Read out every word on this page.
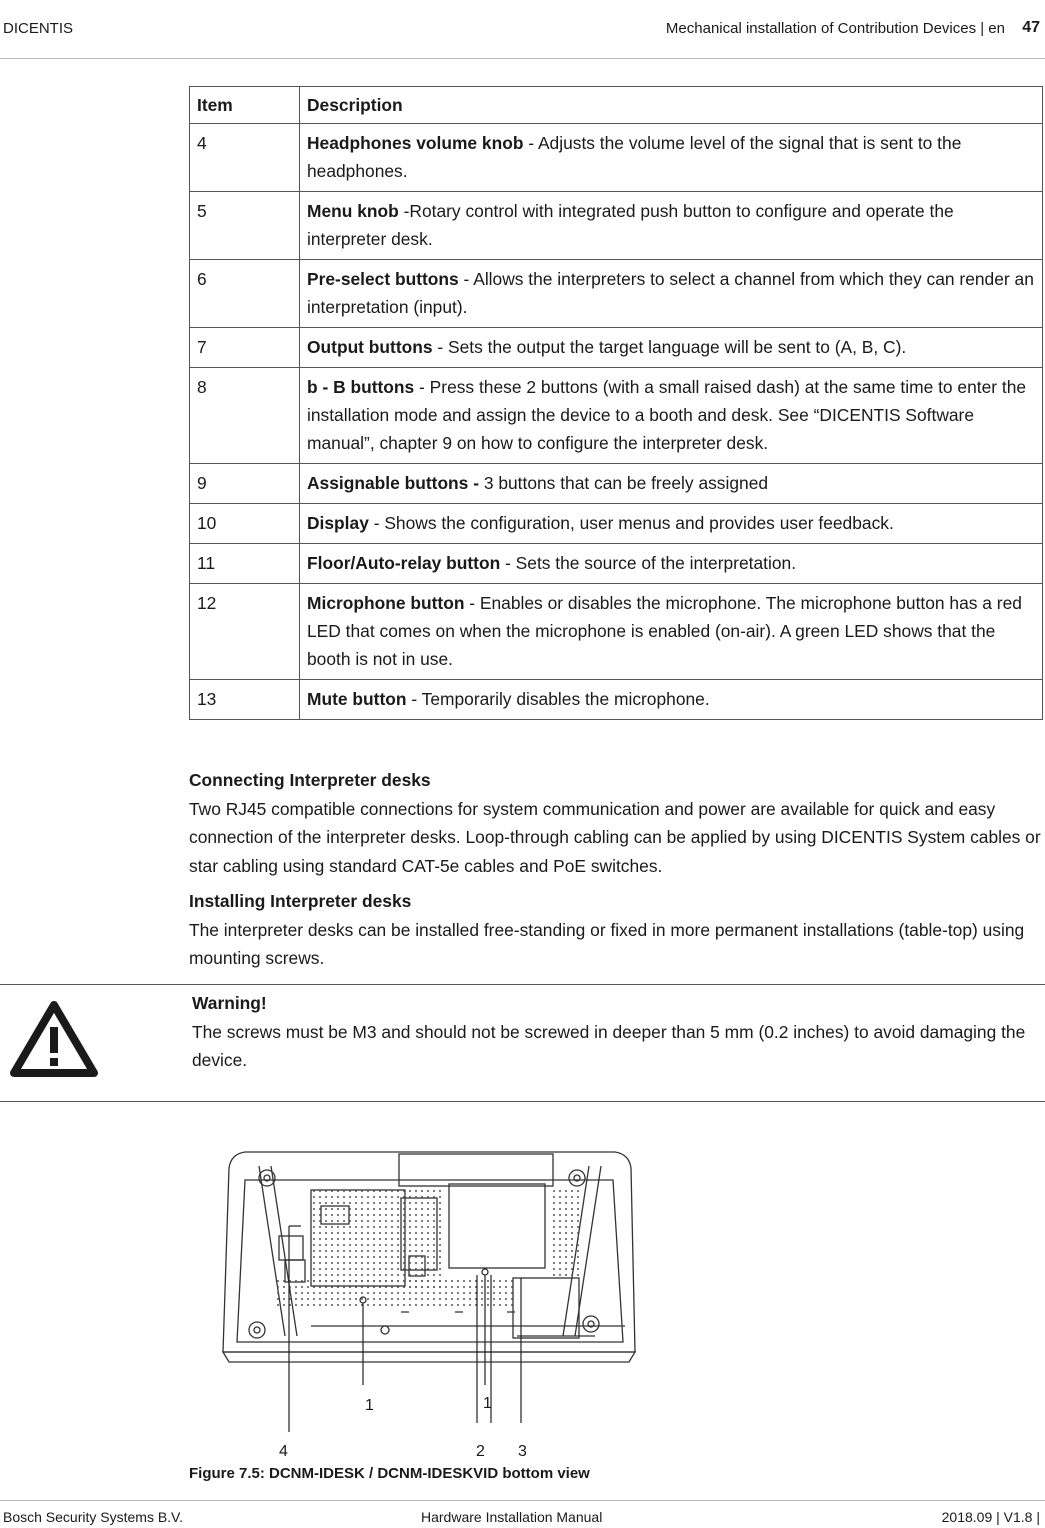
DICENTIS	Mechanical installation of Contribution Devices | en 47
Item	Description
4	Headphones volume knob - Adjusts the volume level of the signal that is sent to the headphones.
5	Menu knob -Rotary control with integrated push button to configure and operate the interpreter desk.
6	Pre-select buttons - Allows the interpreters to select a channel from which they can render an interpretation (input).
7	Output buttons - Sets the output the target language will be sent to (A, B, C).
8	b - B buttons - Press these 2 buttons (with a small raised dash) at the same time to enter the installation mode and assign the device to a booth and desk. See “DICENTIS Software manual”, chapter 9 on how to configure the interpreter desk.
9	Assignable buttons - 3 buttons that can be freely assigned
10	Display - Shows the configuration, user menus and provides user feedback.
11	Floor/Auto-relay button - Sets the source of the interpretation.
12	Microphone button - Enables or disables the microphone. The microphone button has a red LED that comes on when the microphone is enabled (on-air). A green LED shows that the booth is not in use.
13	Mute button - Temporarily disables the microphone.
Connecting Interpreter desks
Two RJ45 compatible connections for system communication and power are available for quick and easy connection of the interpreter desks. Loop-through cabling can be applied by using DICENTIS System cables or star cabling using standard CAT-5e cables and PoE switches.
Installing Interpreter desks
The interpreter desks can be installed free-standing or fixed in more permanent installations (table-top) using mounting screws.
Warning!
The screws must be M3 and should not be screwed in deeper than 5 mm (0.2 inches) to avoid damaging the device.
1	1
4	2 3
Figure 7.5: DCNM-IDESK / DCNM-IDESKVID bottom view
Bosch Security Systems B.V.	Hardware Installation Manual	2018.09 | V1.8 |
